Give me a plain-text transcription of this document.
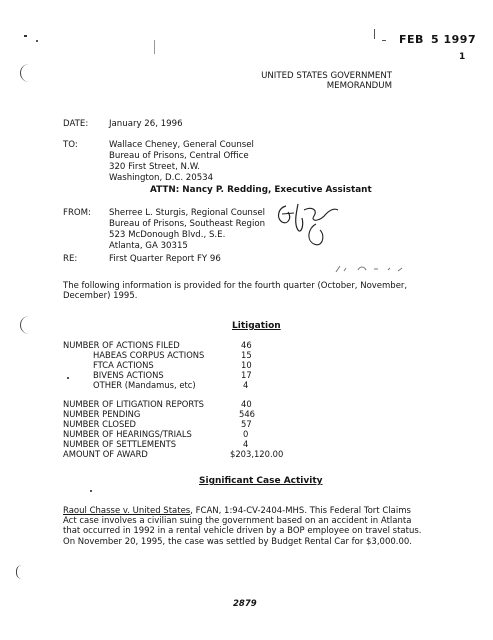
FEB 5 1997
1
UNITED STATES GOVERNMENT
MEMORANDUM
DATE: January 26, 1996
TO:	Wallace Cheney, General Counsel
Bureau of Prisons, Central Office
320 First Street, N.W.
Washington, D.C. 20534
ATTN: Nancy P. Redding, Executive Assistant
FROM: Sherree L. Sturgis, Regional Counsel
Bureau of Prisons, Southeast Region
523 McDonough Blvd., S.E.
Atlanta, GA 30315
RE:	First Quarter Report FY 96
The following information is provided for the fourth quarter (October, November, December) 1995.
Litigation
NUMBER OF ACTIONS FILED	46
HABEAS CORPUS ACTIONS	15
FTCA ACTIONS	10
BIVENS ACTIONS	17
OTHER (Mandamus, etc)	4
NUMBER OF LITIGATION REPORTS	40
NUMBER PENDING	546
NUMBER CLOSED	57
NUMBER OF HEARINGS/TRIALS	0
NUMBER OF SETTLEMENTS	4
AMOUNT OF AWARD	$203,120.00
Significant Case Activity
Raoul Chasse v. United States, FCAN, 1:94-CV-2404-MHS. This Federal Tort Claims Act case involves a civilian suing the government based on an accident in Atlanta that occurred in 1992 in a rental vehicle driven by a BOP employee on travel status. On November 20, 1995, the case was settled by Budget Rental Car for $3,000.00.
2879
